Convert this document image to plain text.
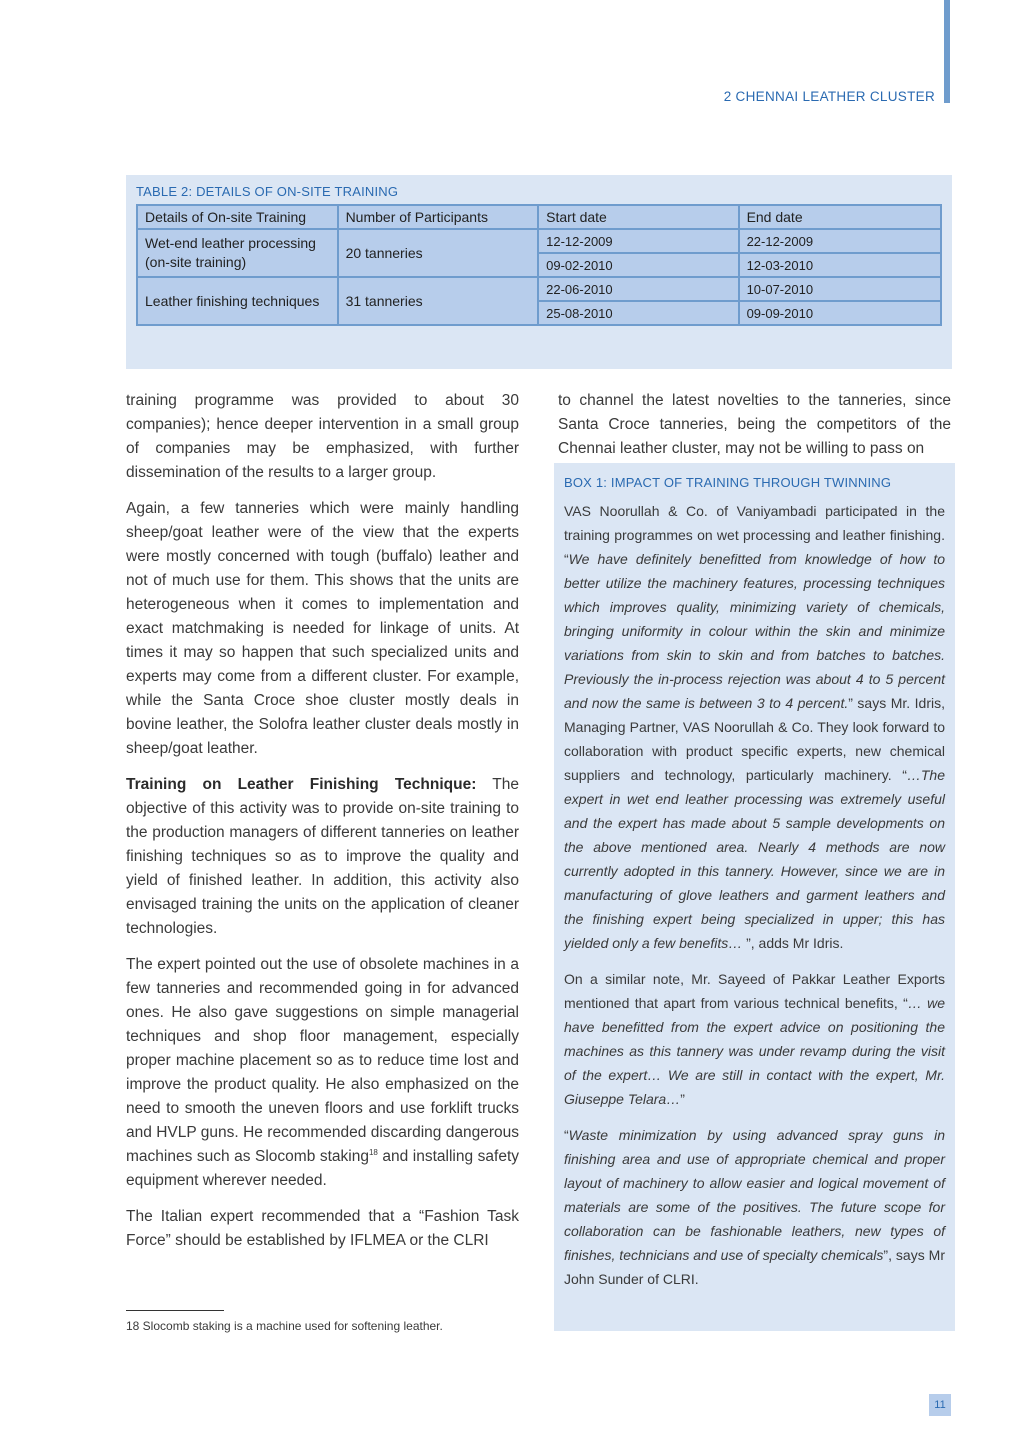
2 CHENNAI LEATHER CLUSTER
TABLE 2: DETAILS OF ON-SITE TRAINING
Details of On-site Training	Number of Participants	Start date	End date
Wet-end leather processing (on-site training)	20 tanneries	12-12-2009	22-12-2009
		09-02-2010	12-03-2010
Leather finishing techniques	31 tanneries	22-06-2010	10-07-2010
		25-08-2010	09-09-2010

training programme was provided to about 30 companies); hence deeper intervention in a small group of companies may be emphasized, with further dissemination of the results to a larger group.

Again, a few tanneries which were mainly handling sheep/goat leather were of the view that the experts were mostly concerned with tough (buffalo) leather and not of much use for them. This shows that the units are heterogeneous when it comes to implementation and exact matchmaking is needed for linkage of units. At times it may so happen that such specialized units and experts may come from a different cluster. For example, while the Santa Croce shoe cluster mostly deals in bovine leather, the Solofra leather cluster deals mostly in sheep/goat leather.

Training on Leather Finishing Technique: The objective of this activity was to provide on-site training to the production managers of different tanneries on leather finishing techniques so as to improve the quality and yield of finished leather. In addition, this activity also envisaged training the units on the application of cleaner technologies.

The expert pointed out the use of obsolete machines in a few tanneries and recommended going in for advanced ones. He also gave suggestions on simple managerial techniques and shop floor management, especially proper machine placement so as to reduce time lost and improve the product quality. He also emphasized on the need to smooth the uneven floors and use forklift trucks and HVLP guns. He recommended discarding dangerous machines such as Slocomb staking$^{18}$ and installing safety equipment wherever needed.

The Italian expert recommended that a “Fashion Task Force” should be established by IFLMEA or the CLRI

to channel the latest novelties to the tanneries, since Santa Croce tanneries, being the competitors of the Chennai leather cluster, may not be willing to pass on

BOX 1: IMPACT OF TRAINING THROUGH TWINNING

VAS Noorullah & Co. of Vaniyambadi participated in the training programmes on wet processing and leather finishing. “We have definitely benefitted from knowledge of how to better utilize the machinery features, processing techniques which improves quality, minimizing variety of chemicals, bringing uniformity in colour within the skin and minimize variations from skin to skin and from batches to batches. Previously the in-process rejection was about 4 to 5 percent and now the same is between 3 to 4 percent.” says Mr. Idris, Managing Partner, VAS Noorullah & Co. They look forward to collaboration with product specific experts, new chemical suppliers and technology, particularly machinery. “…The expert in wet end leather processing was extremely useful and the expert has made about 5 sample developments on the above mentioned area. Nearly 4 methods are now currently adopted in this tannery. However, since we are in manufacturing of glove leathers and garment leathers and the finishing expert being specialized in upper; this has yielded only a few benefits… ”, adds Mr Idris.

On a similar note, Mr. Sayeed of Pakkar Leather Exports mentioned that apart from various technical benefits, “… we have benefitted from the expert advice on positioning the machines as this tannery was under revamp during the visit of the expert… We are still in contact with the expert, Mr. Giuseppe Telara…”

“Waste minimization by using advanced spray guns in finishing area and use of appropriate chemical and proper layout of machinery to allow easier and logical movement of materials are some of the positives. The future scope for collaboration can be fashionable leathers, new types of finishes, technicians and use of specialty chemicals”, says Mr John Sunder of CLRI.

18 Slocomb staking is a machine used for softening leather.
11
